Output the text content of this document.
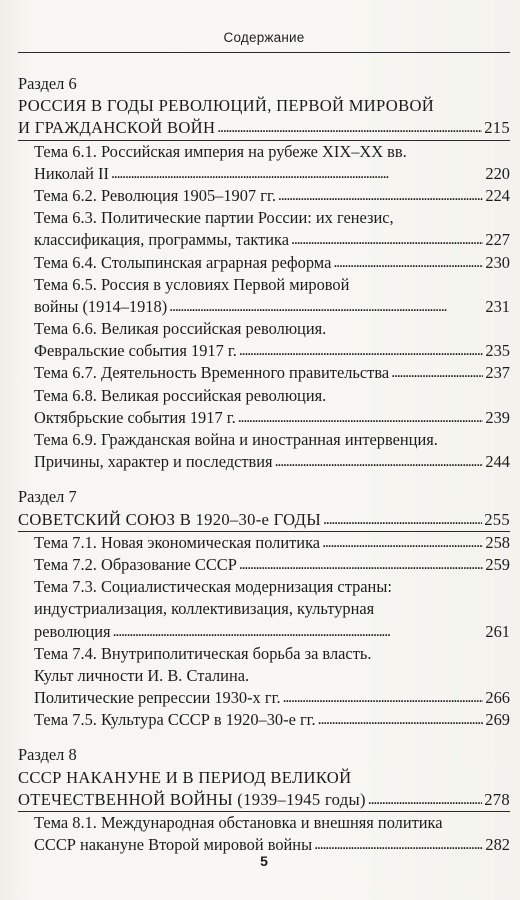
Содержание
Раздел 6
РОССИЯ В ГОДЫ РЕВОЛЮЦИЙ, ПЕРВОЙ МИРОВОЙ
И ГРАЖДАНСКОЙ ВОЙН . . .	215
Тема 6.1. Российская империя на рубеже XIX–XX вв.
Николай II . . .	220
Тема 6.2. Революция 1905–1907 гг. . . .	224
Тема 6.3. Политические партии России: их генезис,
классификация, программы, тактика . . .	227
Тема 6.4. Столыпинская аграрная реформа . . .	230
Тема 6.5. Россия в условиях Первой мировой
войны (1914–1918) . . .	231
Тема 6.6. Великая российская революция.
Февральские события 1917 г. . . .	235
Тема 6.7. Деятельность Временного правительства . . .	237
Тема 6.8. Великая российская революция.
Октябрьские события 1917 г. . . .	239
Тема 6.9. Гражданская война и иностранная интервенция.
Причины, характер и последствия . . .	244
Раздел 7
СОВЕТСКИЙ СОЮЗ В 1920–30-е ГОДЫ . . .	255
Тема 7.1. Новая экономическая политика . . .	258
Тема 7.2. Образование СССР . . .	259
Тема 7.3. Социалистическая модернизация страны:
индустриализация, коллективизация, культурная
революция . . .	261
Тема 7.4. Внутриполитическая борьба за власть.
Культ личности И. В. Сталина.
Политические репрессии 1930-х гг. . . .	266
Тема 7.5. Культура СССР в 1920–30-е гг. . . .	269
Раздел 8
СССР НАКАНУНЕ И В ПЕРИОД ВЕЛИКОЙ
ОТЕЧЕСТВЕННОЙ ВОЙНЫ (1939–1945 годы) . . .	278
Тема 8.1. Международная обстановка и внешняя политика
СССР накануне Второй мировой войны . . .	282
5
